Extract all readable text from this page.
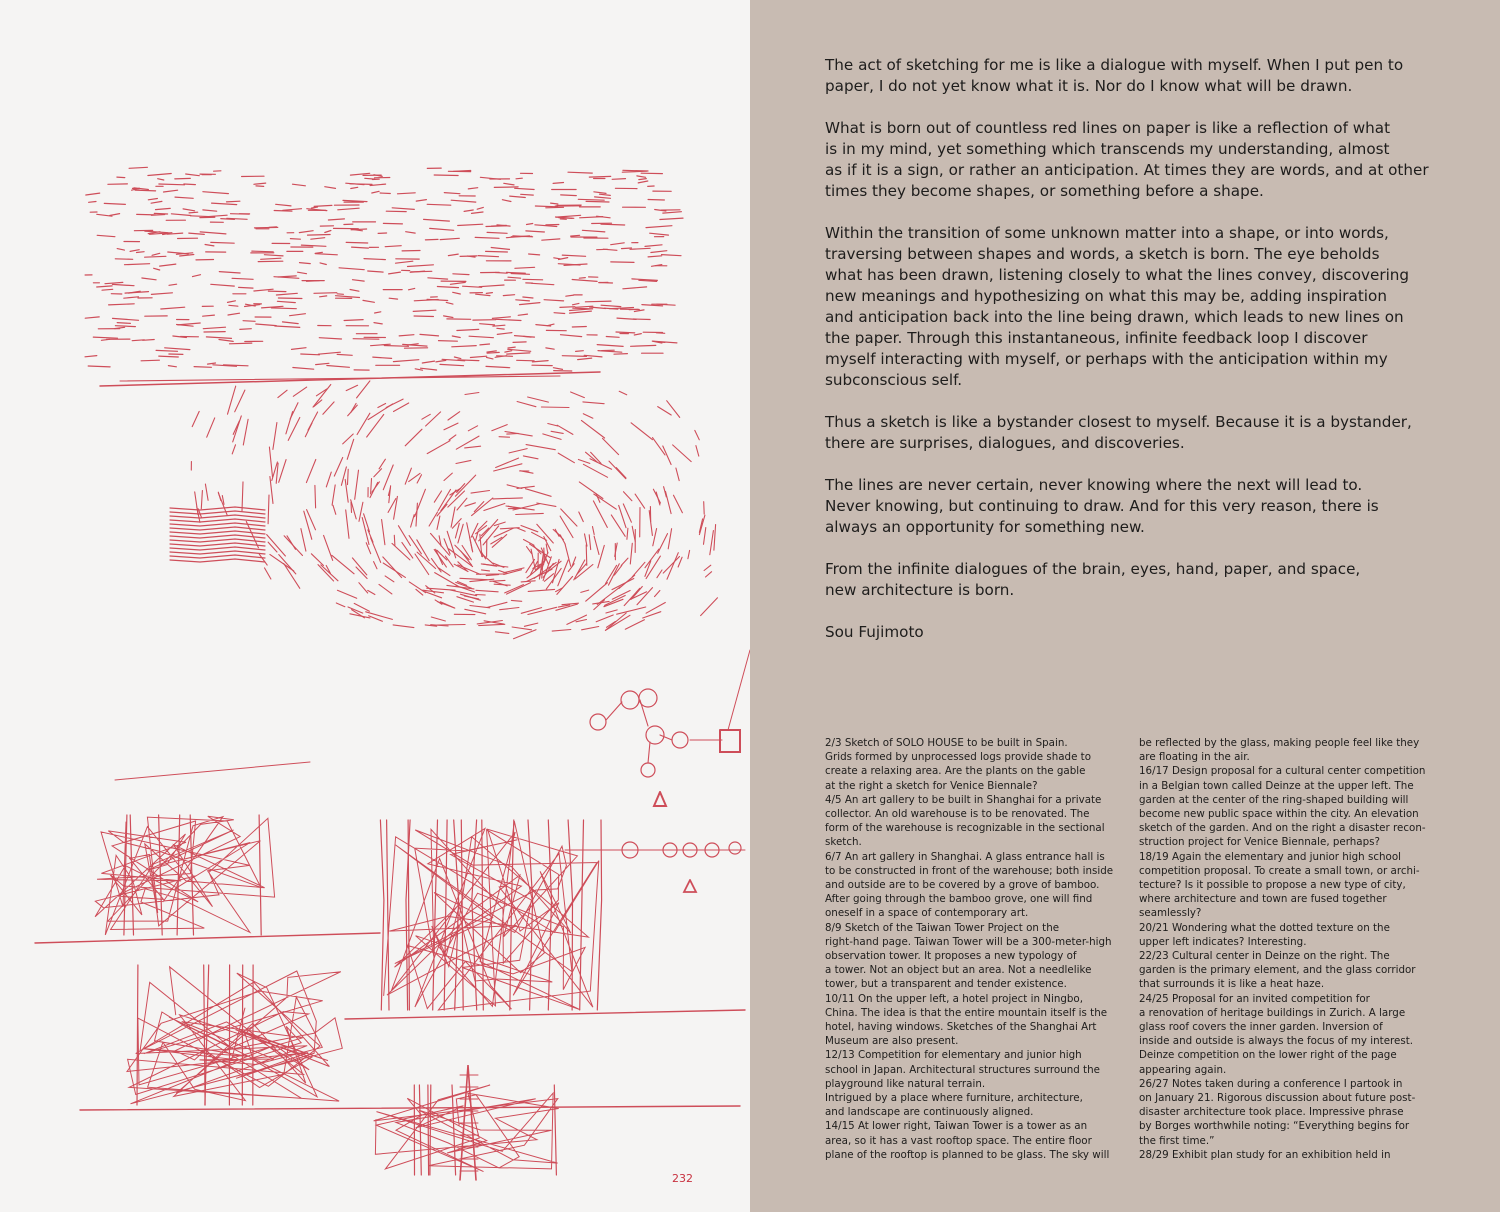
232

The act of sketching for me is like a dialogue with myself. When I put pen to
paper, I do not yet know what it is. Nor do I know what will be drawn.

What is born out of countless red lines on paper is like a reflection of what
is in my mind, yet something which transcends my understanding, almost
as if it is a sign, or rather an anticipation. At times they are words, and at other
times they become shapes, or something before a shape.

Within the transition of some unknown matter into a shape, or into words,
traversing between shapes and words, a sketch is born. The eye beholds
what has been drawn, listening closely to what the lines convey, discovering
new meanings and hypothesizing on what this may be, adding inspiration
and anticipation back into the line being drawn, which leads to new lines on
the paper. Through this instantaneous, infinite feedback loop I discover
myself interacting with myself, or perhaps with the anticipation within my
subconscious self.

Thus a sketch is like a bystander closest to myself. Because it is a bystander,
there are surprises, dialogues, and discoveries.

The lines are never certain, never knowing where the next will lead to.
Never knowing, but continuing to draw. And for this very reason, there is
always an opportunity for something new.

From the infinite dialogues of the brain, eyes, hand, paper, and space,
new architecture is born.

Sou Fujimoto

2/3 Sketch of SOLO HOUSE to be built in Spain.
Grids formed by unprocessed logs provide shade to
create a relaxing area. Are the plants on the gable
at the right a sketch for Venice Biennale?

4/5 An art gallery to be built in Shanghai for a private
collector. An old warehouse is to be renovated. The
form of the warehouse is recognizable in the sectional
sketch.

6/7 An art gallery in Shanghai. A glass entrance hall is
to be constructed in front of the warehouse; both inside
and outside are to be covered by a grove of bamboo.
After going through the bamboo grove, one will find
oneself in a space of contemporary art.

8/9 Sketch of the Taiwan Tower Project on the
right-hand page. Taiwan Tower will be a 300-meter-high
observation tower. It proposes a new typology of
a tower. Not an object but an area. Not a needlelike
tower, but a transparent and tender existence.

10/11 On the upper left, a hotel project in Ningbo,
China. The idea is that the entire mountain itself is the
hotel, having windows. Sketches of the Shanghai Art
Museum are also present.

12/13 Competition for elementary and junior high
school in Japan. Architectural structures surround the
playground like natural terrain.
Intrigued by a place where furniture, architecture,
and landscape are continuously aligned.

14/15 At lower right, Taiwan Tower is a tower as an
area, so it has a vast rooftop space. The entire floor
plane of the rooftop is planned to be glass. The sky will

be reflected by the glass, making people feel like they
are floating in the air.

16/17 Design proposal for a cultural center competition
in a Belgian town called Deinze at the upper left. The
garden at the center of the ring-shaped building will
become new public space within the city. An elevation
sketch of the garden. And on the right a disaster recon-
struction project for Venice Biennale, perhaps?

18/19 Again the elementary and junior high school
competition proposal. To create a small town, or archi-
tecture? Is it possible to propose a new type of city,
where architecture and town are fused together
seamlessly?

20/21 Wondering what the dotted texture on the
upper left indicates? Interesting.

22/23 Cultural center in Deinze on the right. The
garden is the primary element, and the glass corridor
that surrounds it is like a heat haze.

24/25 Proposal for an invited competition for
a renovation of heritage buildings in Zurich. A large
glass roof covers the inner garden. Inversion of
inside and outside is always the focus of my interest.
Deinze competition on the lower right of the page
appearing again.

26/27 Notes taken during a conference I partook in
on January 21. Rigorous discussion about future post-
disaster architecture took place. Impressive phrase
by Borges worthwhile noting: “Everything begins for
the first time.”

28/29 Exhibit plan study for an exhibition held in
